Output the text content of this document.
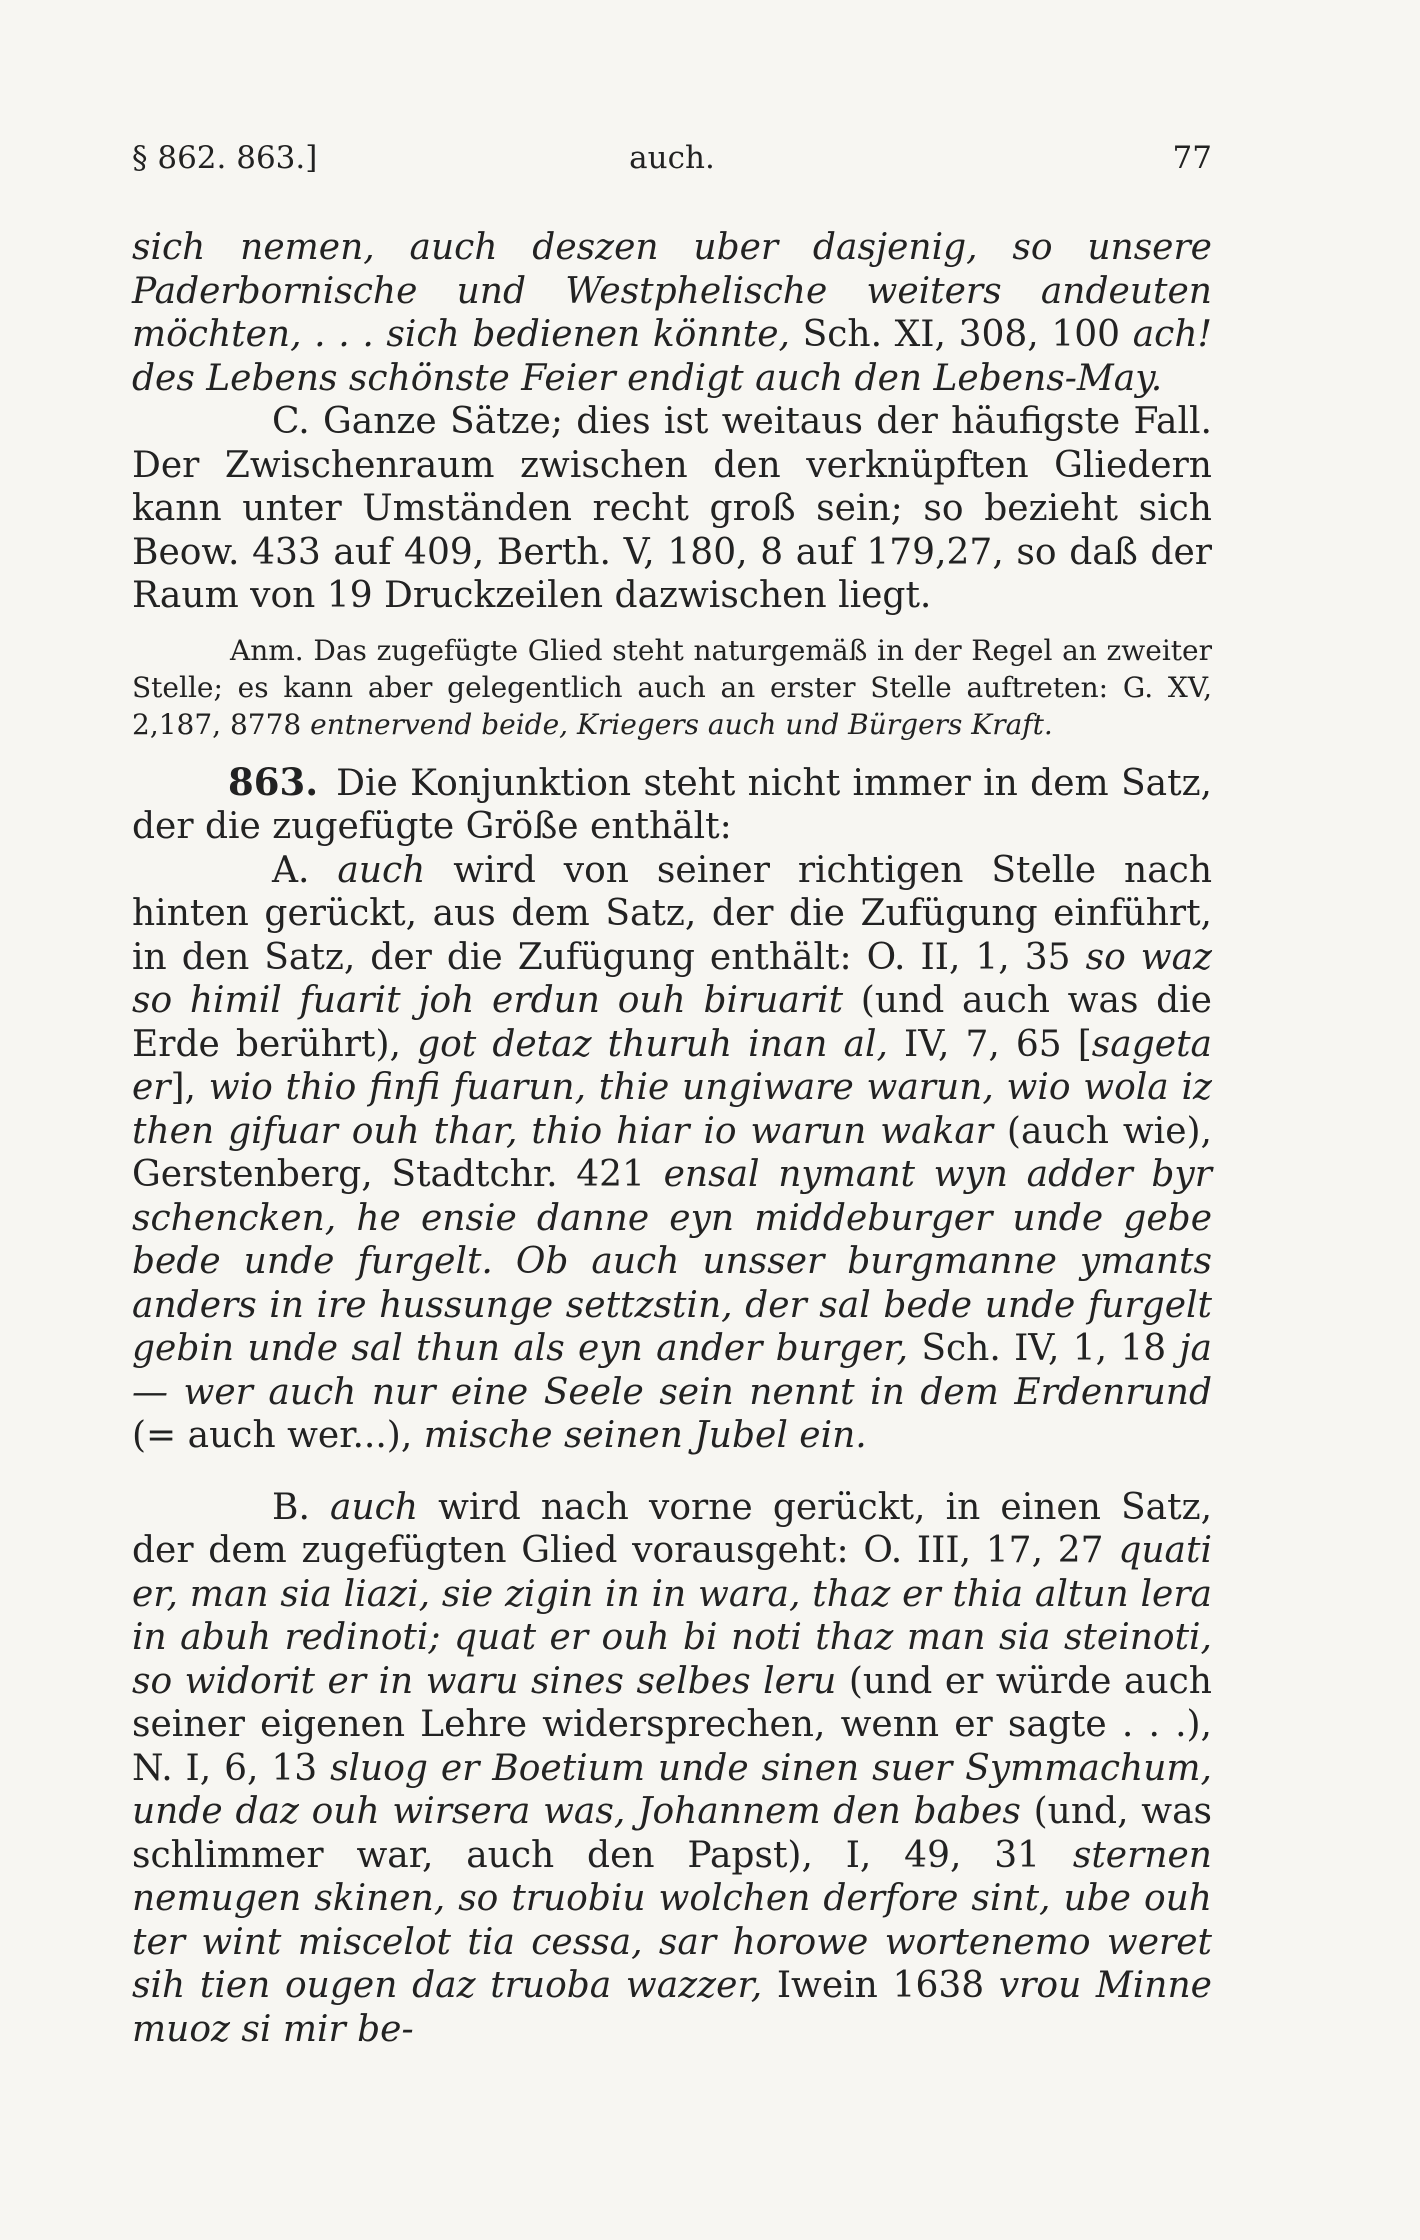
§ 862. 863.]	auch.	77

sich nemen, auch deszen uber dasjenig, so unsere Paderbornische und Westphelische weiters andeuten möchten, . . . sich bedienen könnte, Sch. XI, 308, 100 ach! des Lebens schönste Feier endigt auch den Lebens-May.

C. Ganze Sätze; dies ist weitaus der häufigste Fall. Der Zwischenraum zwischen den verknüpften Gliedern kann unter Umständen recht groß sein; so bezieht sich Beow. 433 auf 409, Berth. V, 180, 8 auf 179,27, so daß der Raum von 19 Druckzeilen dazwischen liegt.

Anm. Das zugefügte Glied steht naturgemäß in der Regel an zweiter Stelle; es kann aber gelegentlich auch an erster Stelle auftreten: G. XV, 2,187, 8778 entnervend beide, Kriegers auch und Bürgers Kraft.

863. Die Konjunktion steht nicht immer in dem Satz, der die zugefügte Größe enthält:

A. auch wird von seiner richtigen Stelle nach hinten gerückt, aus dem Satz, der die Zufügung einführt, in den Satz, der die Zufügung enthält: O. II, 1, 35 so waz so himil fuarit joh erdun ouh biruarit (und auch was die Erde berührt), got detaz thuruh inan al, IV, 7, 65 [sageta er], wio thio finfi fuarun, thie ungiware warun, wio wola iz then gifuar ouh thar, thio hiar io warun wakar (auch wie), Gerstenberg, Stadtchr. 421 ensal nymant wyn adder byr schencken, he ensie danne eyn middeburger unde gebe bede unde furgelt. Ob auch unsser burgmanne ymants anders in ire hussunge settzstin, der sal bede unde furgelt gebin unde sal thun als eyn ander burger, Sch. IV, 1, 18 ja — wer auch nur eine Seele sein nennt in dem Erdenrund (= auch wer...), mische seinen Jubel ein.

B. auch wird nach vorne gerückt, in einen Satz, der dem zugefügten Glied vorausgeht: O. III, 17, 27 quati er, man sia liazi, sie zigin in in wara, thaz er thia altun lera in abuh redinoti; quat er ouh bi noti thaz man sia steinoti, so widorit er in waru sines selbes leru (und er würde auch seiner eigenen Lehre widersprechen, wenn er sagte . . .), N. I, 6, 13 sluog er Boetium unde sinen suer Symmachum, unde daz ouh wirsera was, Johannem den babes (und, was schlimmer war, auch den Papst), I, 49, 31 sternen nemugen skinen, so truobiu wolchen derfore sint, ube ouh ter wint miscelot tia cessa, sar horowe wortenemo weret sih tien ougen daz truoba wazzer, Iwein 1638 vrou Minne muoz si mir be-
